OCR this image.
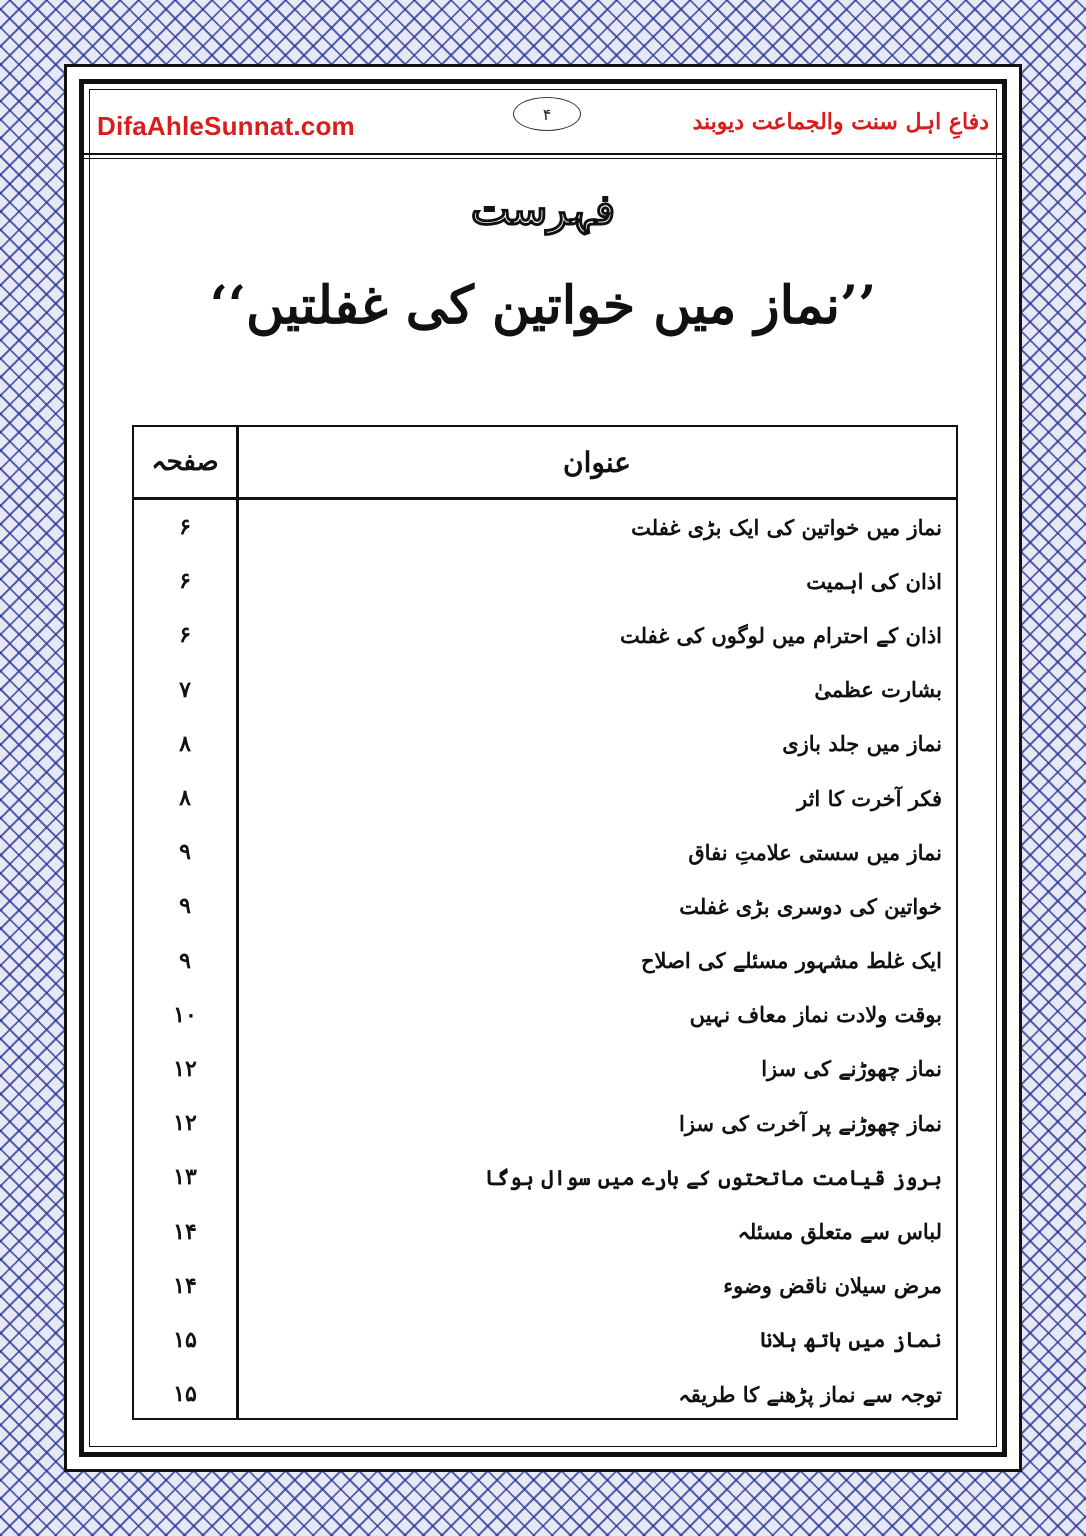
DifaAhleSunnat.com	۴	دفاعِ اہل سنت والجماعت دیوبند
فہرست
’’نماز میں خواتین کی غفلتیں‘‘
صفحہ	عنوان
۶	نماز میں خواتین کی ایک بڑی غفلت
۶	اذان کی اہمیت
۶	اذان کے احترام میں لوگوں کی غفلت
۷	بشارت عظمیٰ
۸	نماز میں جلد بازی
۸	فکر آخرت کا اثر
۹	نماز میں سستی علامتِ نفاق
۹	خواتین کی دوسری بڑی غفلت
۹	ایک غلط مشہور مسئلے کی اصلاح
۱۰	بوقت ولادت نماز معاف نہیں
۱۲	نماز چھوڑنے کی سزا
۱۲	نماز چھوڑنے پر آخرت کی سزا
۱۳	بروز قیامت ماتحتوں کے بارے میں سوال ہوگا
۱۴	لباس سے متعلق مسئلہ
۱۴	مرض سیلان ناقض وضوء
۱۵	نماز میں ہاتھ ہلانا
۱۵	توجہ سے نماز پڑھنے کا طریقہ
